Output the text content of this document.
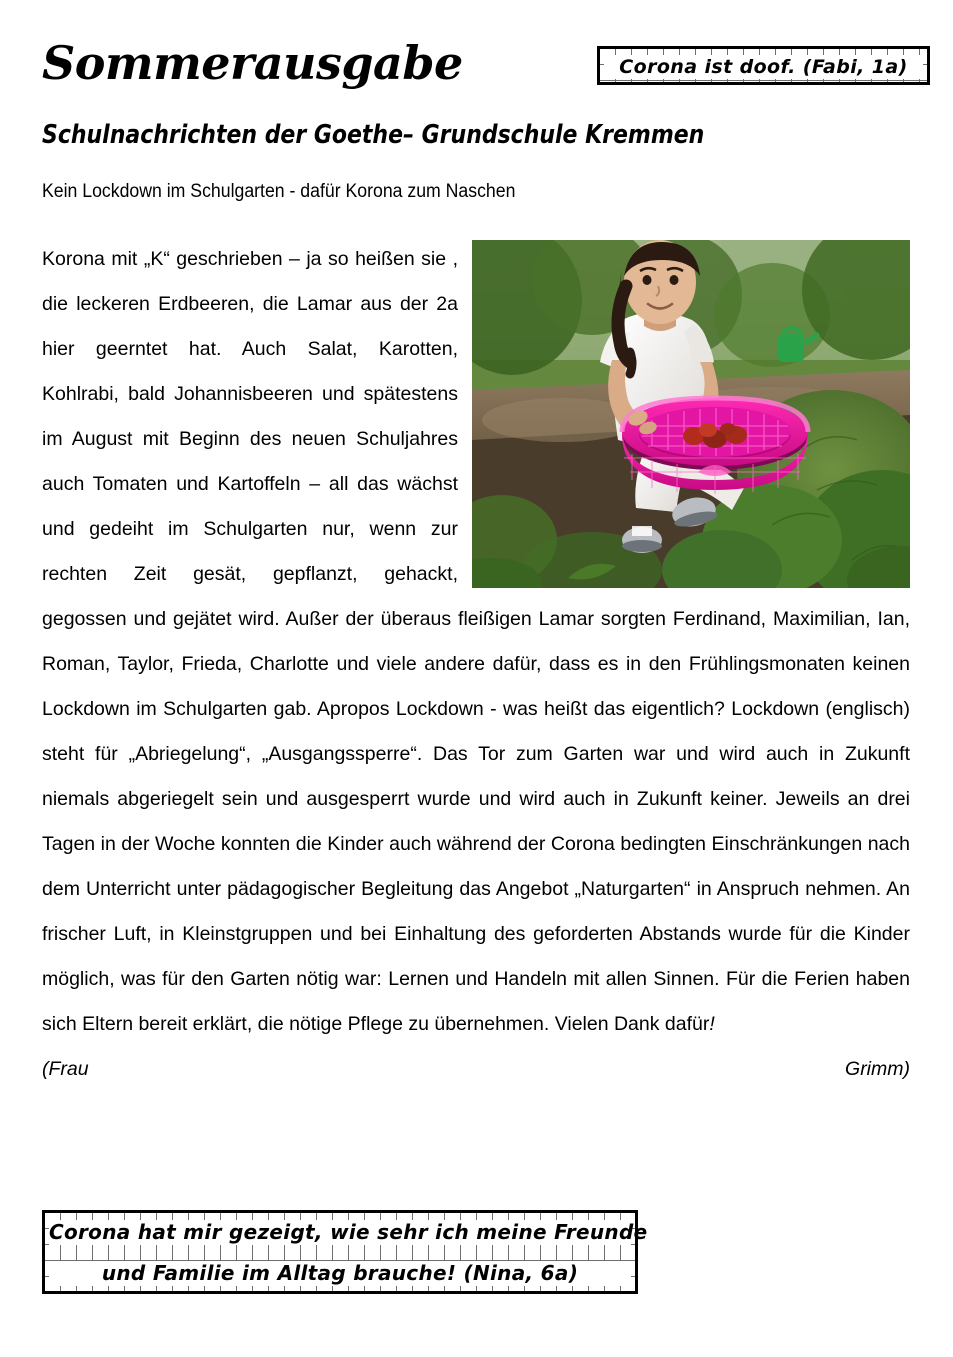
Sommerausgabe	Corona ist doof. (Fabi, 1a)
Schulnachrichten der Goethe– Grundschule Kremmen
Kein Lockdown im Schulgarten - dafür Korona zum Naschen

Korona mit „K“ geschrieben – ja so heißen sie , die leckeren Erdbeeren, die Lamar aus der 2a hier geerntet hat. Auch Salat, Karotten, Kohlrabi, bald Johannisbeeren und spätestens im August mit Beginn des neuen Schuljahres auch Tomaten und Kartoffeln – all das wächst und gedeiht im Schulgarten nur, wenn zur rechten Zeit gesät, gepflanzt, gehackt, gegossen und gejätet wird. Außer der überaus fleißigen Lamar sorgten Ferdinand, Maximilian, Ian, Roman, Taylor, Frieda, Charlotte und viele andere dafür, dass es in den Frühlingsmonaten keinen Lockdown im Schulgarten gab. Apropos Lockdown - was heißt das eigentlich? Lockdown (englisch) steht für „Abriegelung“, „Ausgangssperre“. Das Tor zum Garten war und wird auch in Zukunft niemals abgeriegelt sein und ausgesperrt wurde und wird auch in Zukunft keiner. Jeweils an drei Tagen in der Woche konnten die Kinder auch während der Corona bedingten Einschränkungen nach dem Unterricht unter pädagogischer Begleitung das Angebot „Naturgarten“ in Anspruch nehmen. An frischer Luft, in Kleinstgruppen und bei Einhaltung des geforderten Abstands wurde für die Kinder möglich, was für den Garten nötig war: Lernen und Handeln mit allen Sinnen. Für die Ferien haben sich Eltern bereit erklärt, die nötige Pflege zu übernehmen. Vielen Dank dafür!

(Frau Grimm)

Corona hat mir gezeigt, wie sehr ich meine Freunde
und Familie im Alltag brauche! (Nina, 6a)
